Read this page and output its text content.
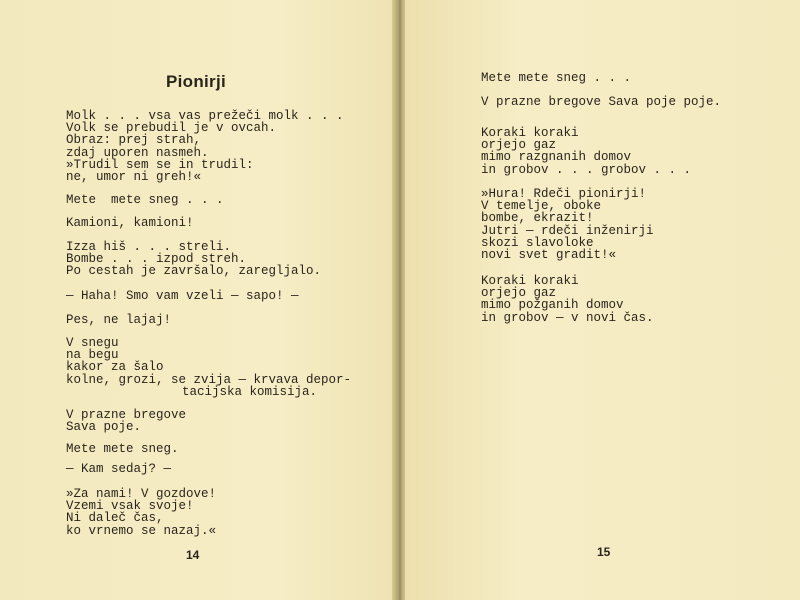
Pionirji
Molk . . . vsa vas prežeči molk . . .
Volk se prebudil je v ovcah.
Obraz: prej strah,
zdaj uporen nasmeh.
»Trudil sem se in trudil:
ne, umor ni greh!«
Mete  mete sneg . . .
Kamioni, kamioni!
Izza hiš . . . streli.
Bombe . . . izpod streh.
Po cestah je završalo, zaregljalo.
— Haha! Smo vam vzeli — sapo! —
Pes, ne lajaj!
V snegu
na begu
kakor za šalo
kolne, grozi, se zvija — krvava depor-
tacijska komisija.
V prazne bregove
Sava poje.
Mete mete sneg.
— Kam sedaj? —
»Za nami! V gozdove!
Vzemi vsak svoje!
Ni daleč čas,
ko vrnemo se nazaj.«
14
Mete mete sneg . . .
V prazne bregove Sava poje poje.
Koraki koraki
orjejo gaz
mimo razgnanih domov
in grobov . . . grobov . . .
»Hura! Rdeči pionirji!
V temelje, oboke
bombe, ekrazit!
Jutri — rdeči inženirji
skozi slavoloke
novi svet gradit!«
Koraki koraki
orjejo gaz
mimo požganih domov
in grobov — v novi čas.
15
